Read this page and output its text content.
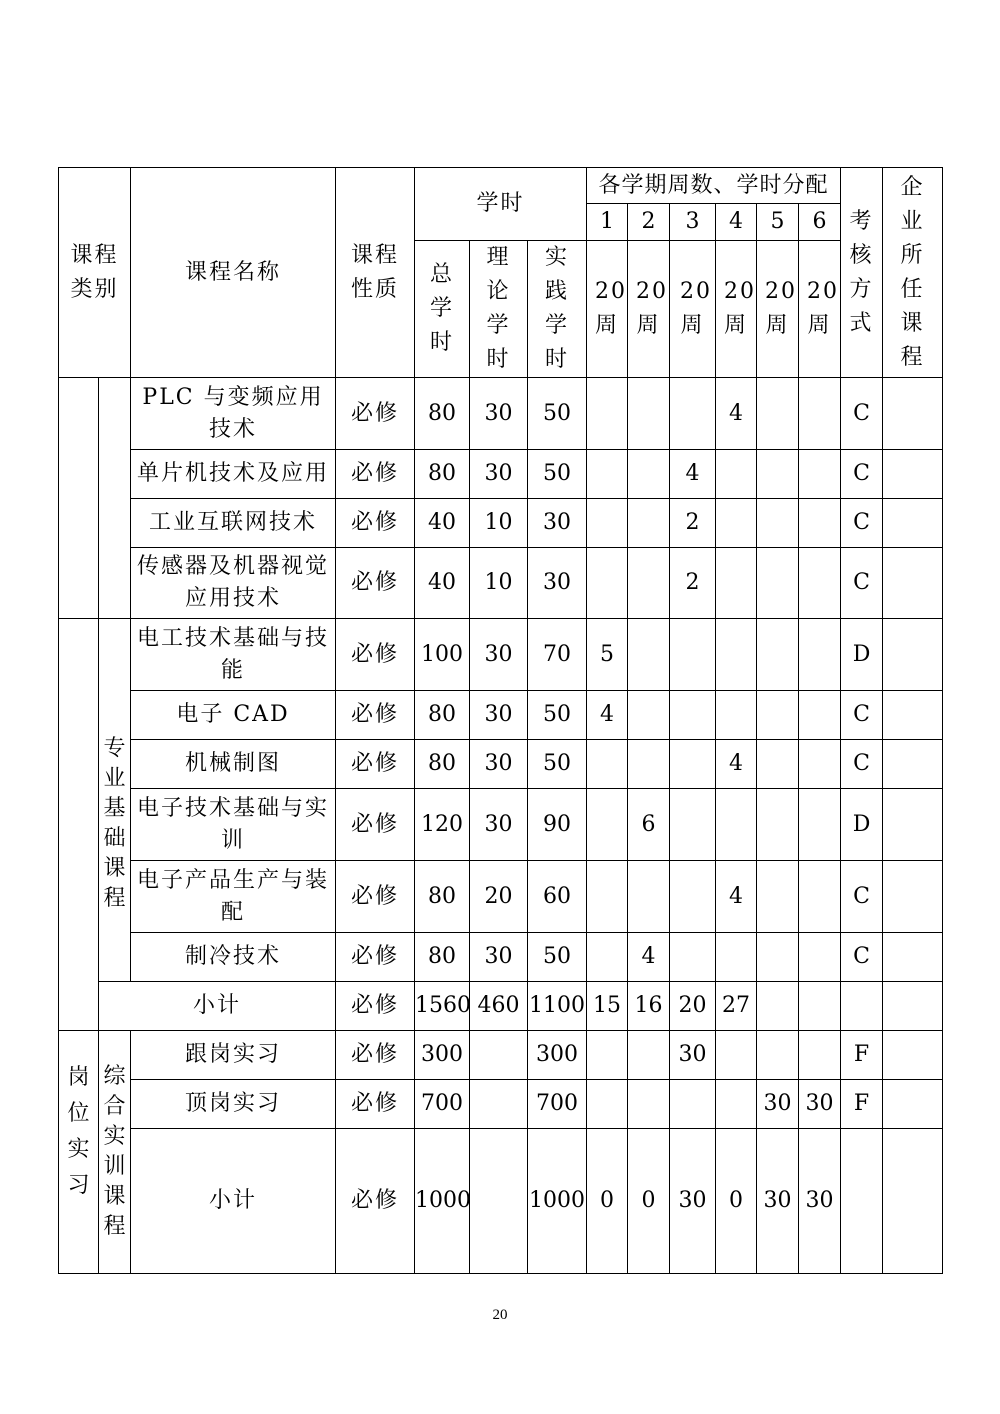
课程类别		课程名称	课程性质	学时			各学期周数、学时分配						考核方式	企业所任课程
							1	2	3	4	5	6		
				总学时	理论学时	实践学时	20周	20周	20周	20周	20周	20周		
		PLC 与变频应用技术	必修	80	30	50				4			C	
		单片机技术及应用	必修	80	30	50			4				C	
		工业互联网技术	必修	40	10	30			2				C	
		传感器及机器视觉应用技术	必修	40	10	30			2				C	
	专业基础课程	电工技术基础与技能	必修	100	30	70	5						D	
		电子 CAD	必修	80	30	50	4						C	
		机械制图	必修	80	30	50				4			C	
		电子技术基础与实训	必修	120	30	90		6					D	
		电子产品生产与装配	必修	80	20	60				4			C	
		制冷技术	必修	80	30	50		4					C	
	小计		必修	1560	460	1100	15	16	20	27				
岗位实习	综合实训课程	跟岗实习	必修	300		300			30				F	
		顶岗实习	必修	700		700					30	30	F	
		小计	必修	1000		1000	0	0	30	0	30	30		
20
